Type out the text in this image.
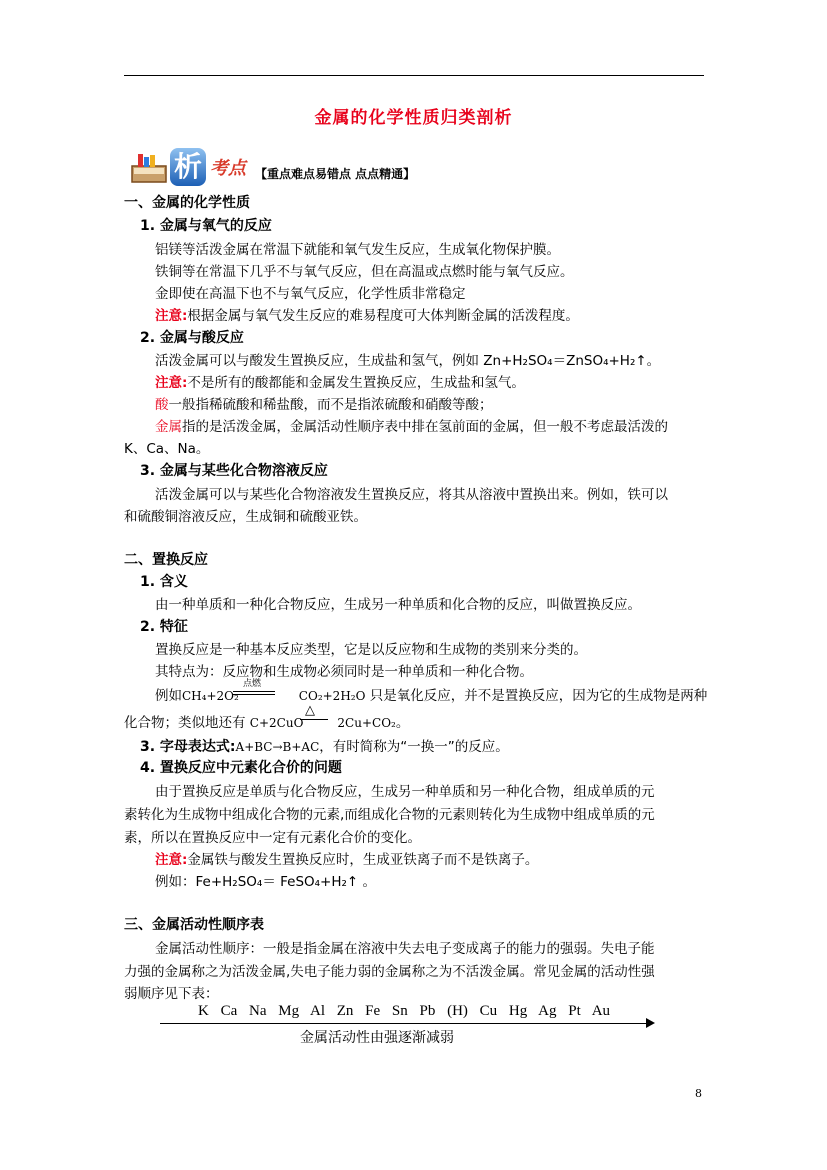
金属的化学性质归类剖析
析 考点 【重点难点易错点 点点精通】
一、金属的化学性质
1. 金属与氧气的反应
铝镁等活泼金属在常温下就能和氧气发生反应，生成氧化物保护膜。
铁铜等在常温下几乎不与氧气反应，但在高温或点燃时能与氧气反应。
金即使在高温下也不与氧气反应，化学性质非常稳定
注意:根据金属与氧气发生反应的难易程度可大体判断金属的活泼程度。
2. 金属与酸反应
活泼金属可以与酸发生置换反应，生成盐和氢气，例如 Zn+H₂SO₄＝ZnSO₄+H₂↑。
注意:不是所有的酸都能和金属发生置换反应，生成盐和氢气。
酸一般指稀硫酸和稀盐酸，而不是指浓硫酸和硝酸等酸；
金属指的是活泼金属，金属活动性顺序表中排在氢前面的金属，但一般不考虑最活泼的
K、Ca、Na。
3. 金属与某些化合物溶液反应
活泼金属可以与某些化合物溶液发生置换反应，将其从溶液中置换出来。例如，铁可以
和硫酸铜溶液反应，生成铜和硫酸亚铁。
二、置换反应
1. 含义
由一种单质和一种化合物反应，生成另一种单质和化合物的反应，叫做置换反应。
2. 特征
置换反应是一种基本反应类型，它是以反应物和生成物的类别来分类的。
其特点为：反应物和生成物必须同时是一种单质和一种化合物。
例如CH₄+2O₂	CO₂+2H₂O 只是氧化反应，并不是置换反应，因为它的生成物是两种
点燃
化合物；类似地还有 C+2CuO	2Cu+CO₂。
△
3. 字母表达式:A+BC→B+AC，有时简称为“一换一”的反应。
4. 置换反应中元素化合价的问题
由于置换反应是单质与化合物反应，生成另一种单质和另一种化合物，组成单质的元
素转化为生成物中组成化合物的元素,而组成化合物的元素则转化为生成物中组成单质的元
素，所以在置换反应中一定有元素化合价的变化。
注意:金属铁与酸发生置换反应时，生成亚铁离子而不是铁离子。
例如：Fe+H₂SO₄＝ FeSO₄+H₂↑ 。
三、金属活动性顺序表
金属活动性顺序：一般是指金属在溶液中失去电子变成离子的能力的强弱。失电子能
力强的金属称之为活泼金属,失电子能力弱的金属称之为不活泼金属。常见金属的活动性强
弱顺序见下表：
K Ca Na Mg Al Zn Fe Sn Pb (H) Cu Hg Ag Pt Au
金属活动性由强逐渐减弱
8
